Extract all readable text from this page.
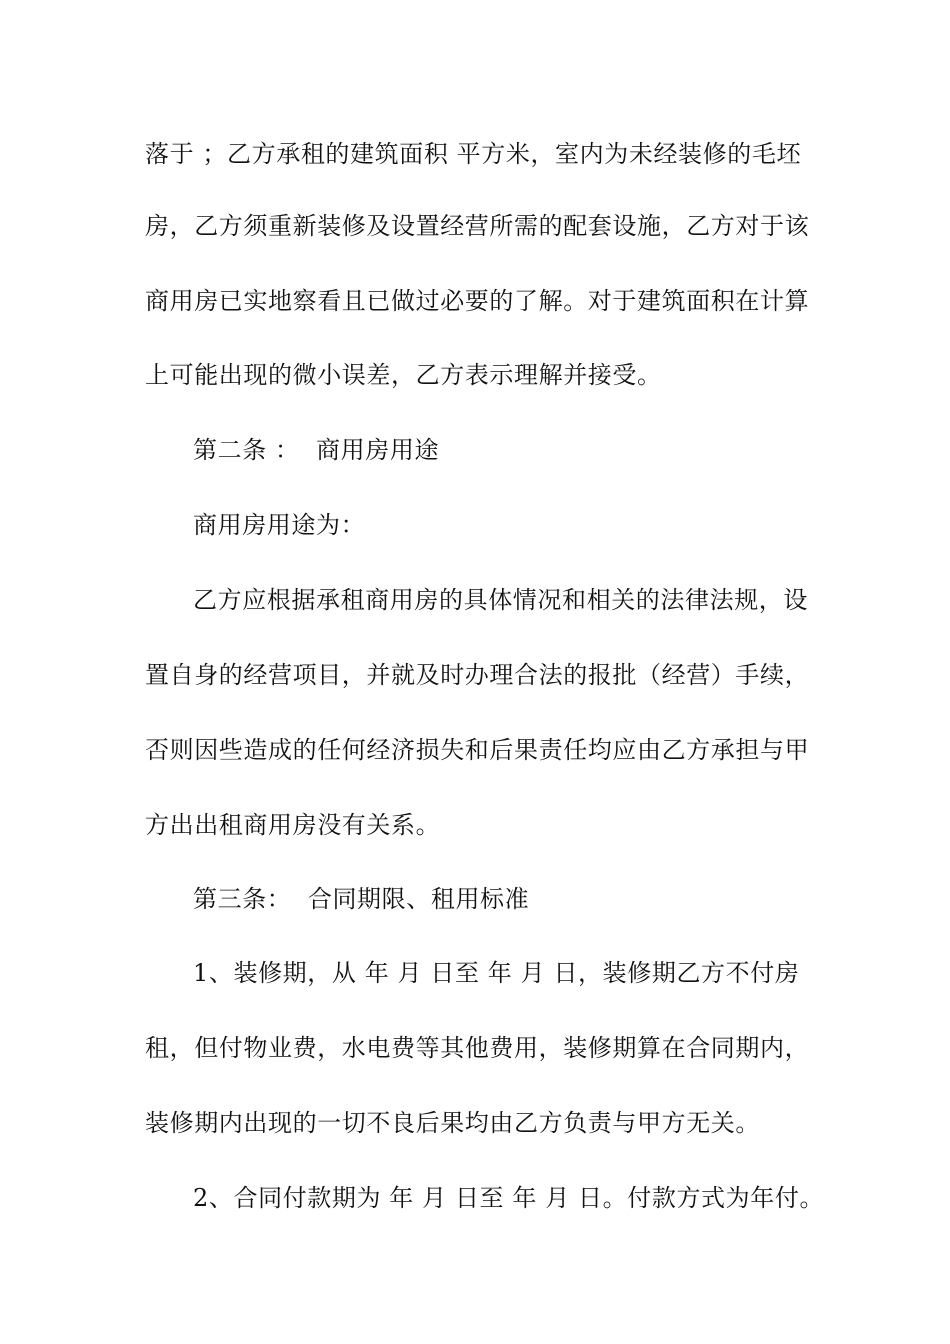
落于 ；乙方承租的建筑面积 平方米，室内为未经装修的毛坯
房，乙方须重新装修及设置经营所需的配套设施，乙方对于该
商用房已实地察看且已做过必要的了解。对于建筑面积在计算
上可能出现的微小误差，乙方表示理解并接受。
第二条 ：  商用房用途
商用房用途为：
乙方应根据承租商用房的具体情况和相关的法律法规，设
置自身的经营项目，并就及时办理合法的报批（经营）手续，
否则因些造成的任何经济损失和后果责任均应由乙方承担与甲
方出出租商用房没有关系。
第三条：  合同期限、租用标准
1、装修期，从 年 月 日至 年 月 日，装修期乙方不付房
租，但付物业费，水电费等其他费用，装修期算在合同期内，
装修期内出现的一切不良后果均由乙方负责与甲方无关。
2、合同付款期为 年 月 日至 年 月 日。付款方式为年付。
